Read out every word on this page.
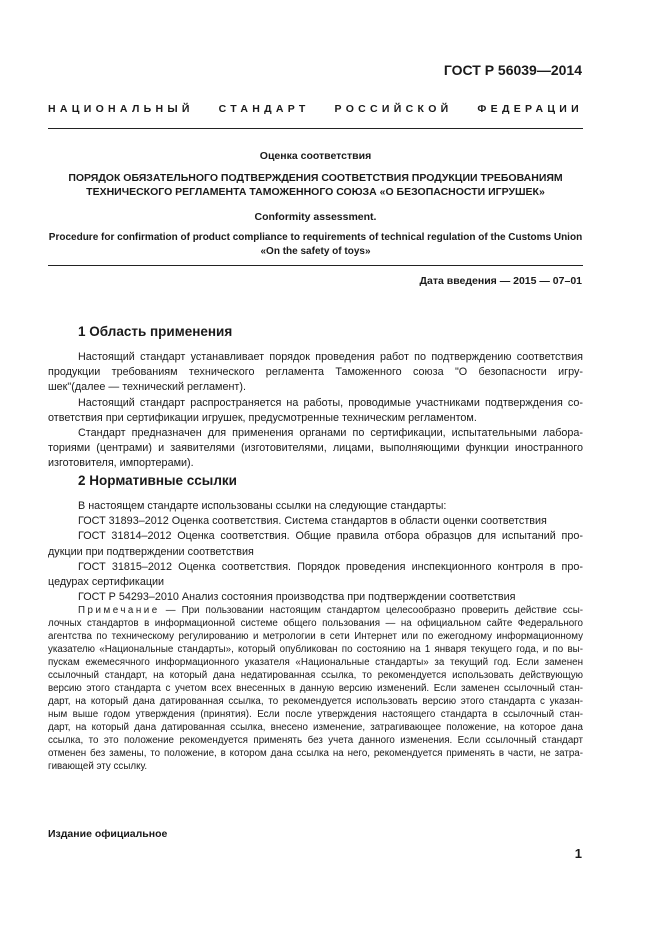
ГОСТ Р 56039—2014
НАЦИОНАЛЬНЫЙ СТАНДАРТ РОССИЙСКОЙ ФЕДЕРАЦИИ
Оценка соответствия
ПОРЯДОК ОБЯЗАТЕЛЬНОГО ПОДТВЕРЖДЕНИЯ СООТВЕТСТВИЯ ПРОДУКЦИИ ТРЕБОВАНИЯМ
ТЕХНИЧЕСКОГО РЕГЛАМЕНТА ТАМОЖЕННОГО СОЮЗА «О БЕЗОПАСНОСТИ ИГРУШЕК»
Conformity assessment.
Procedure for confirmation of product compliance to requirements of technical regulation of the Customs Union
«On the safety of toys»
Дата введения — 2015 — 07–01
1 Область применения
Настоящий стандарт устанавливает порядок проведения работ по подтверждению соответствия
продукции требованиям технического регламента Таможенного союза "О безопасности игру-
шек"(далее — технический регламент).
Настоящий стандарт распространяется на работы, проводимые участниками подтверждения со-
ответствия при сертификации игрушек, предусмотренные техническим регламентом.
Стандарт предназначен для применения органами по сертификации, испытательными лабора-
ториями (центрами) и заявителями (изготовителями, лицами, выполняющими функции иностранного
изготовителя, импортерами).
2 Нормативные ссылки
В настоящем стандарте использованы ссылки на следующие стандарты:
ГОСТ 31893–2012 Оценка соответствия. Система стандартов в области оценки соответствия
ГОСТ 31814–2012 Оценка соответствия. Общие правила отбора образцов для испытаний про-
дукции при подтверждении соответствия
ГОСТ 31815–2012 Оценка соответствия. Порядок проведения инспекционного контроля в про-
цедурах сертификации
ГОСТ Р 54293–2010 Анализ состояния производства при подтверждении соответствия
Примечание — При пользовании настоящим стандартом целесообразно проверить действие ссы-
лочных стандартов в информационной системе общего пользования — на официальном сайте Федерального
агентства по техническому регулированию и метрологии в сети Интернет или по ежегодному информационному
указателю «Национальные стандарты», который опубликован по состоянию на 1 января текущего года, и по вы-
пускам ежемесячного информационного указателя «Национальные стандарты» за текущий год. Если заменен
ссылочный стандарт, на который дана недатированная ссылка, то рекомендуется использовать действующую
версию этого стандарта с учетом всех внесенных в данную версию изменений. Если заменен ссылочный стан-
дарт, на который дана датированная ссылка, то рекомендуется использовать версию этого стандарта с указан-
ным выше годом утверждения (принятия). Если после утверждения настоящего стандарта в ссылочный стан-
дарт, на который дана датированная ссылка, внесено изменение, затрагивающее положение, на которое дана
ссылка, то это положение рекомендуется применять без учета данного изменения. Если ссылочный стандарт
отменен без замены, то положение, в котором дана ссылка на него, рекомендуется применять в части, не затра-
гивающей эту ссылку.
Издание официальное
1
